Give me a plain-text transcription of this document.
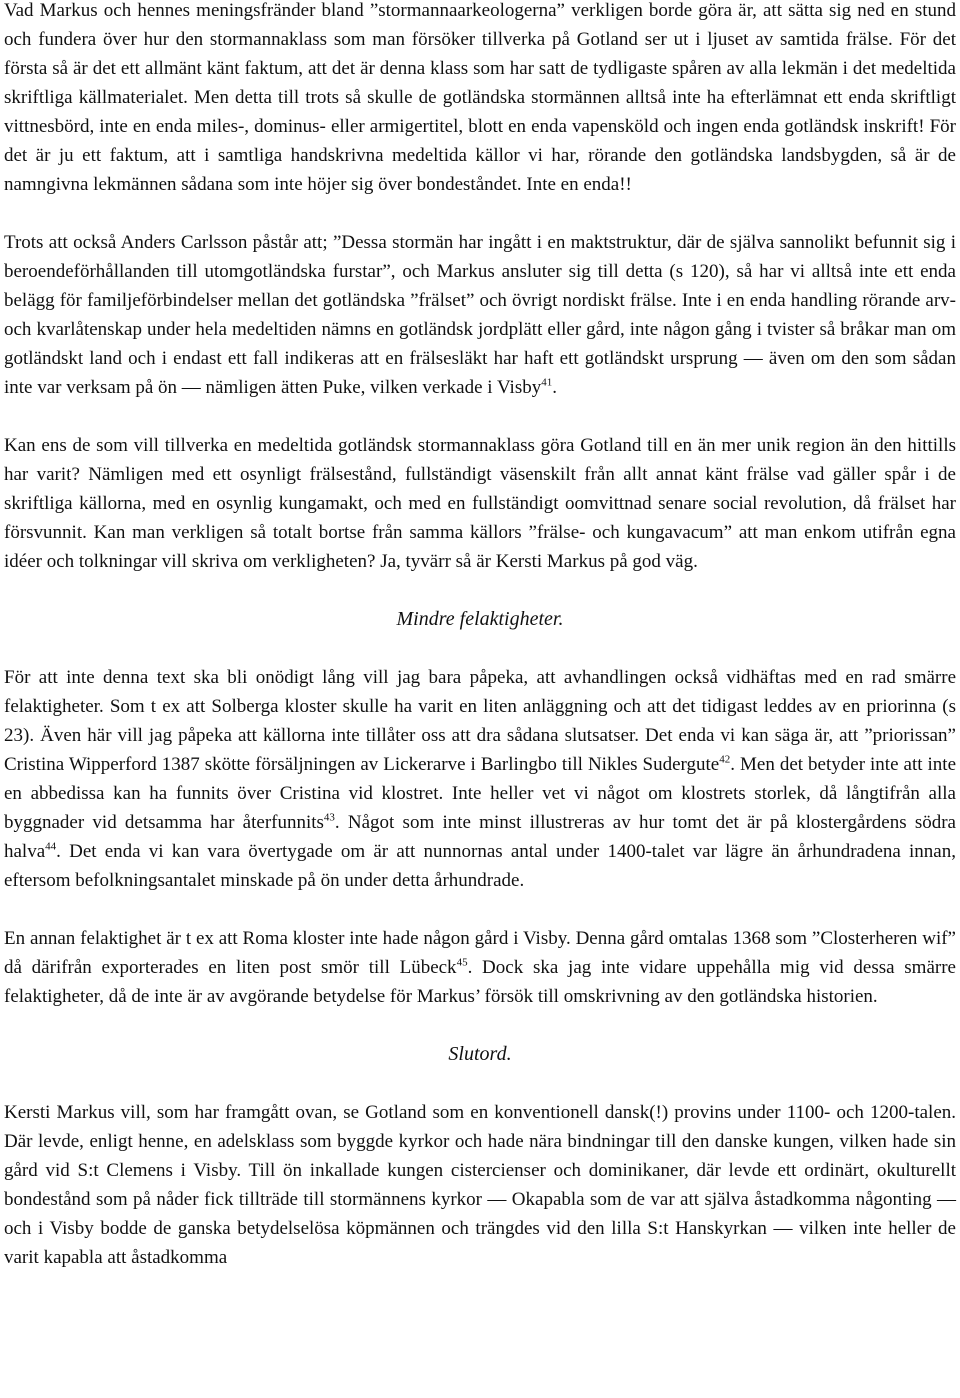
Vad Markus och hennes meningsfränder bland ”stormannaarkeologerna” verkligen borde göra är, att sätta sig ned en stund och fundera över hur den stormannaklass som man försöker tillverka på Gotland ser ut i ljuset av samtida frälse. För det första så är det ett allmänt känt faktum, att det är denna klass som har satt de tydligaste spåren av alla lekmän i det medeltida skriftliga källmaterialet. Men detta till trots så skulle de gotländska stormännen alltså inte ha efterlämnat ett enda skriftligt vittnesbörd, inte en enda miles-, dominus- eller armigertitel, blott en enda vapensköld och ingen enda gotländsk inskrift! För det är ju ett faktum, att i samtliga handskrivna medeltida källor vi har, rörande den gotländska landsbygden, så är de namngivna lekmännen sådana som inte höjer sig över bondeståndet. Inte en enda!!

Trots att också Anders Carlsson påstår att; ”Dessa stormän har ingått i en maktstruktur, där de själva sannolikt befunnit sig i beroendeförhållanden till utomgotländska furstar”, och Markus ansluter sig till detta (s 120), så har vi alltså inte ett enda belägg för familjeförbindelser mellan det gotländska ”frälset” och övrigt nordiskt frälse. Inte i en enda handling rörande arv- och kvarlåtenskap under hela medeltiden nämns en gotländsk jordplätt eller gård, inte någon gång i tvister så bråkar man om gotländskt land och i endast ett fall indikeras att en frälsesläkt har haft ett gotländskt ursprung — även om den som sådan inte var verksam på ön — nämligen ätten Puke, vilken verkade i Visby$^{41}$.

Kan ens de som vill tillverka en medeltida gotländsk stormannaklass göra Gotland till en än mer unik region än den hittills har varit? Nämligen med ett osynligt frälsestånd, fullständigt väsenskilt från allt annat känt frälse vad gäller spår i de skriftliga källorna, med en osynlig kungamakt, och med en fullständigt oomvittnad senare social revolution, då frälset har försvunnit. Kan man verkligen så totalt bortse från samma källors ”frälse- och kungavacum” att man enkom utifrån egna idéer och tolkningar vill skriva om verkligheten? Ja, tyvärr så är Kersti Markus på god väg.

Mindre felaktigheter.

För att inte denna text ska bli onödigt lång vill jag bara påpeka, att avhandlingen också vidhäftas med en rad smärre felaktigheter. Som t ex att Solberga kloster skulle ha varit en liten anläggning och att det tidigast leddes av en priorinna (s 23). Även här vill jag påpeka att källorna inte tillåter oss att dra sådana slutsatser. Det enda vi kan säga är, att ”priorissan” Cristina Wipperford 1387 skötte försäljningen av Lickerarve i Barlingbo till Nikles Sudergute$^{42}$. Men det betyder inte att inte en abbedissa kan ha funnits över Cristina vid klostret. Inte heller vet vi något om klostrets storlek, då långtifrån alla byggnader vid detsamma har återfunnits$^{43}$. Något som inte minst illustreras av hur tomt det är på klostergårdens södra halva$^{44}$. Det enda vi kan vara övertygade om är att nunnornas antal under 1400-talet var lägre än århundradena innan, eftersom befolkningsantalet minskade på ön under detta århundrade.

En annan felaktighet är t ex att Roma kloster inte hade någon gård i Visby. Denna gård omtalas 1368 som ”Closterheren wif” då därifrån exporterades en liten post smör till Lübeck$^{45}$. Dock ska jag inte vidare uppehålla mig vid dessa smärre felaktigheter, då de inte är av avgörande betydelse för Markus’ försök till omskrivning av den gotländska historien.

Slutord.

Kersti Markus vill, som har framgått ovan, se Gotland som en konventionell dansk(!) provins under 1100- och 1200-talen. Där levde, enligt henne, en adelsklass som byggde kyrkor och hade nära bindningar till den danske kungen, vilken hade sin gård vid S:t Clemens i Visby. Till ön inkallade kungen cistercienser och dominikaner, där levde ett ordinärt, okulturellt bondestånd som på nåder fick tillträde till stormännens kyrkor — Okapabla som de var att själva åstadkomma någonting — och i Visby bodde de ganska betydelselösa köpmännen och trängdes vid den lilla S:t Hanskyrkan — vilken inte heller de varit kapabla att åstadkomma
